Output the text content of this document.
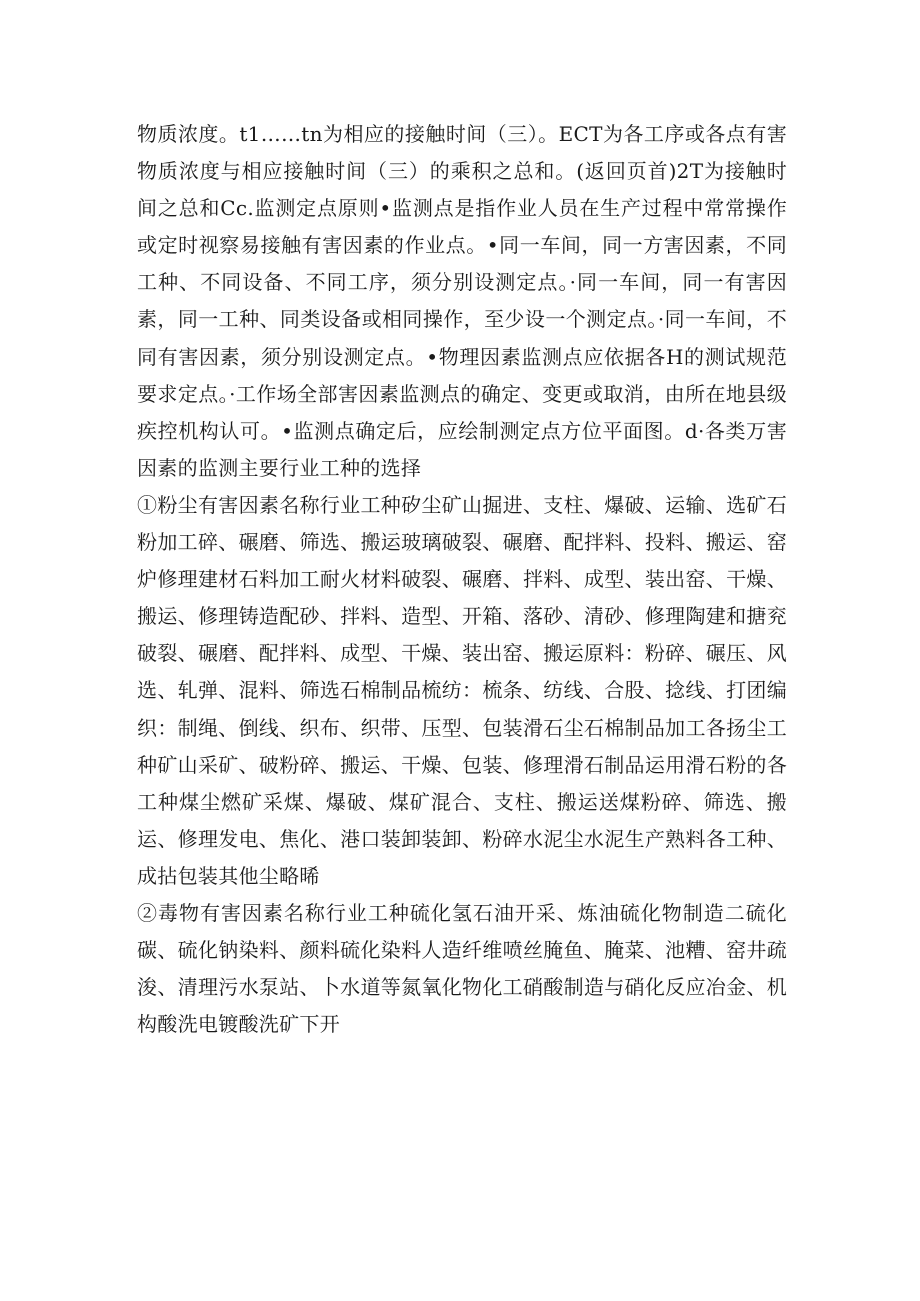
物质浓度。t1……tn为相应的接触时间（三）。ECT为各工序或各点有害物质浓度与相应接触时间（三）的乘积之总和。(返回页首)2T为接触时间之总和Cc.监测定点原则•监测点是指作业人员在生产过程中常常操作或定时视察易接触有害因素的作业点。•同一车间，同一方害因素，不同工种、不同设备、不同工序，须分别设测定点。·同一车间，同一有害因素，同一工种、同类设备或相同操作，至少设一个测定点。·同一车间，不同有害因素，须分别设测定点。•物理因素监测点应依据各H的测试规范要求定点。·工作场全部害因素监测点的确定、变更或取消，由所在地县级疾控机构认可。•监测点确定后，应绘制测定点方位平面图。d·各类万害因素的监测主要行业工种的选择

①粉尘有害因素名称行业工种矽尘矿山掘进、支柱、爆破、运输、选矿石粉加工碎、碾磨、筛选、搬运玻璃破裂、碾磨、配拌料、投料、搬运、窑炉修理建材石料加工耐火材料破裂、碾磨、拌料、成型、装出窑、干燥、搬运、修理铸造配砂、拌料、造型、开箱、落砂、清砂、修理陶建和搪兖破裂、碾磨、配拌料、成型、干燥、装出窑、搬运原料：粉碎、碾压、风选、轧弹、混料、筛选石棉制品梳纺：梳条、纺线、合股、捻线、打团编织：制绳、倒线、织布、织带、压型、包装滑石尘石棉制品加工各扬尘工种矿山采矿、破粉碎、搬运、干燥、包装、修理滑石制品运用滑石粉的各工种煤尘燃矿采煤、爆破、煤矿混合、支柱、搬运送煤粉碎、筛选、搬运、修理发电、焦化、港口装卸装卸、粉碎水泥尘水泥生产熟料各工种、成拈包装其他尘略晞

②毒物有害因素名称行业工种硫化氢石油开采、炼油硫化物制造二硫化碳、硫化钠染料、颜料硫化染料人造纤维喷丝腌鱼、腌菜、池糟、窑井疏浚、清理污水泵站、卜水道等氮氧化物化工硝酸制造与硝化反应冶金、机构酸洗电镀酸洗矿下开
